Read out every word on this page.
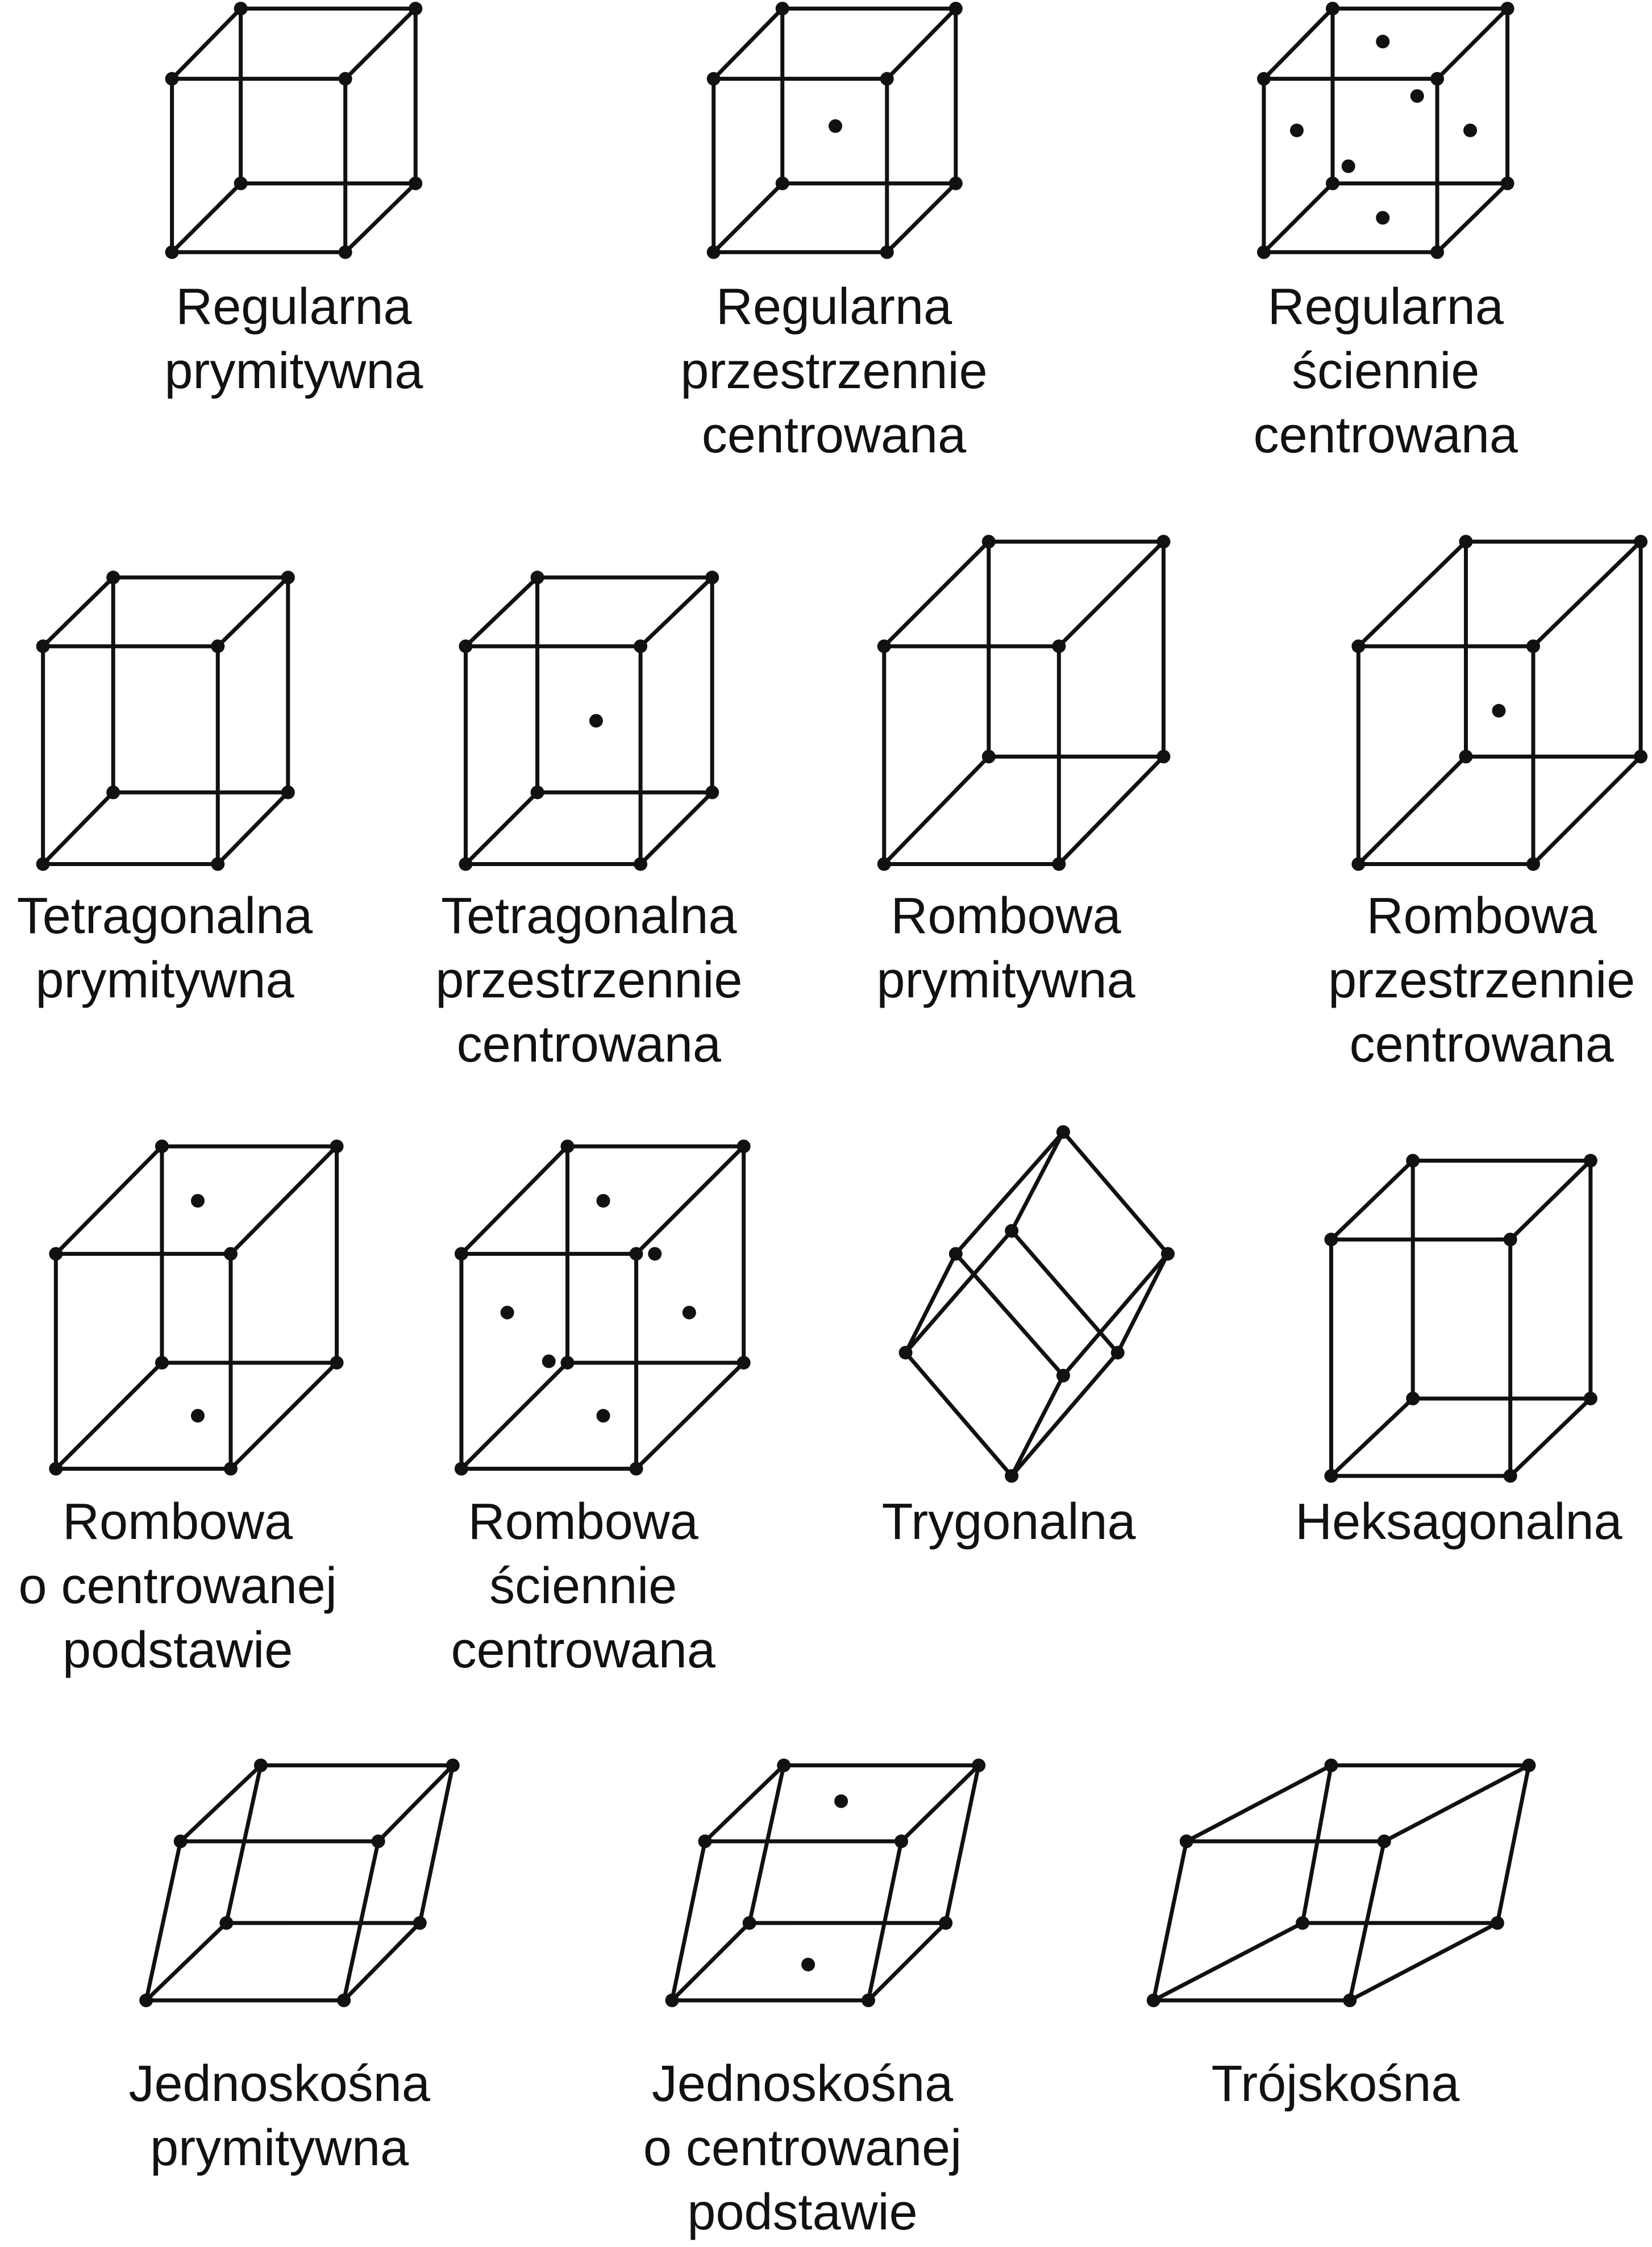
Regularna
prymitywna
Regularna
przestrzennie
centrowana
Regularna
ściennie
centrowana
Tetragonalna
prymitywna
Tetragonalna
przestrzennie
centrowana
Rombowa
prymitywna
Rombowa
przestrzennie
centrowana
Rombowa
o centrowanej
podstawie
Rombowa
ściennie
centrowana
Trygonalna	Heksagonalna
Jednoskośna
prymitywna
Jednoskośna
o centrowanej
podstawie
Trójskośna
